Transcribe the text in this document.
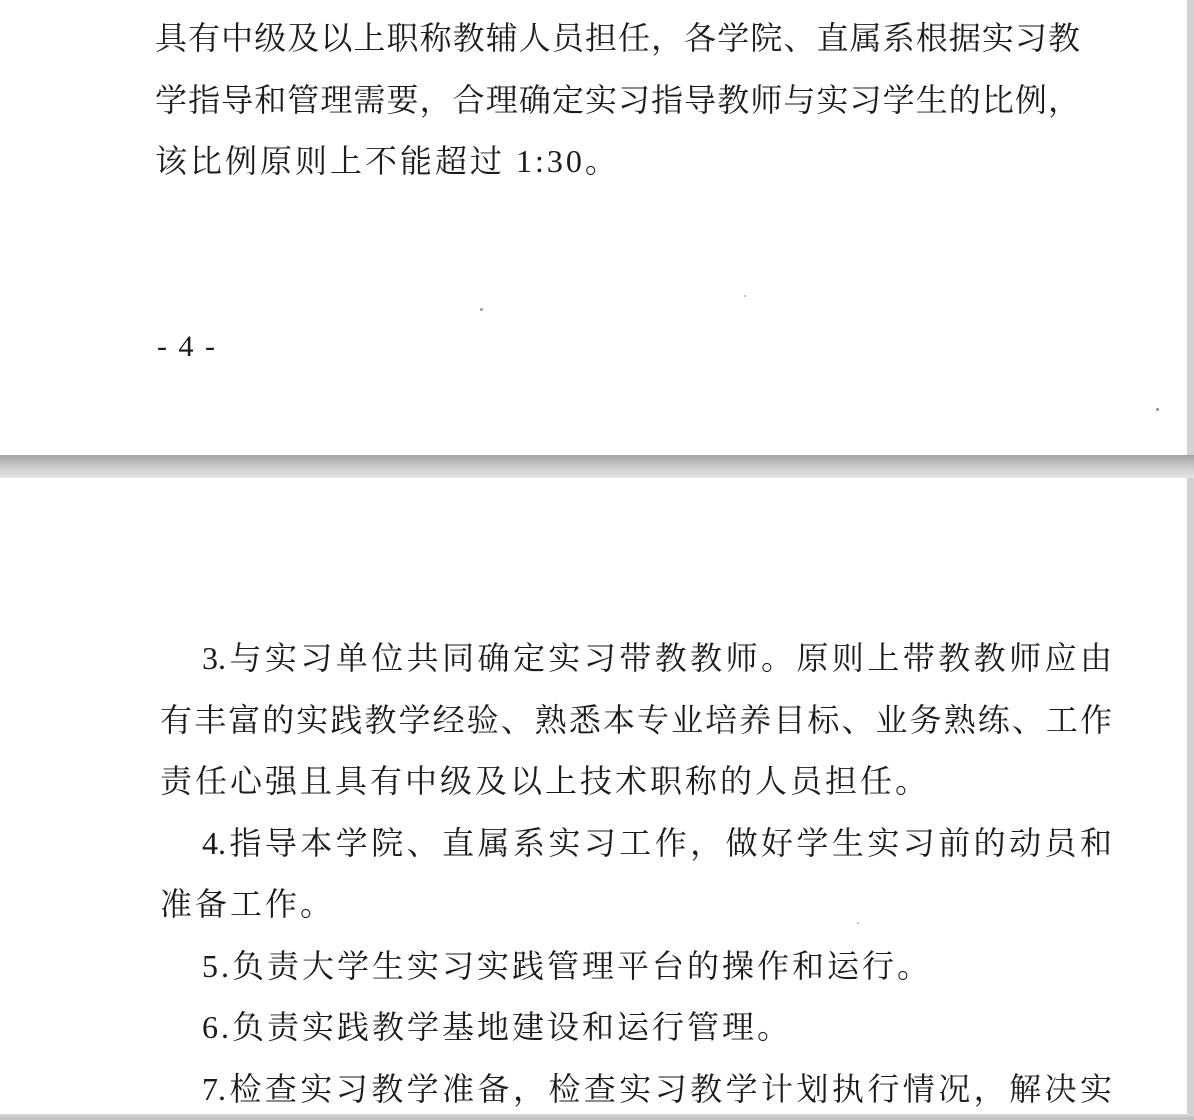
具有中级及以上职称教辅人员担任，各学院、直属系根据实习教
学指导和管理需要，合理确定实习指导教师与实习学生的比例，
该比例原则上不能超过 1:30。
- 4 -
3.与实习单位共同确定实习带教教师。原则上带教教师应由
有丰富的实践教学经验、熟悉本专业培养目标、业务熟练、工作
责任心强且具有中级及以上技术职称的人员担任。
4.指导本学院、直属系实习工作，做好学生实习前的动员和
准备工作。
5.负责大学生实习实践管理平台的操作和运行。
6.负责实践教学基地建设和运行管理。
7.检查实习教学准备，检查实习教学计划执行情况，解决实
